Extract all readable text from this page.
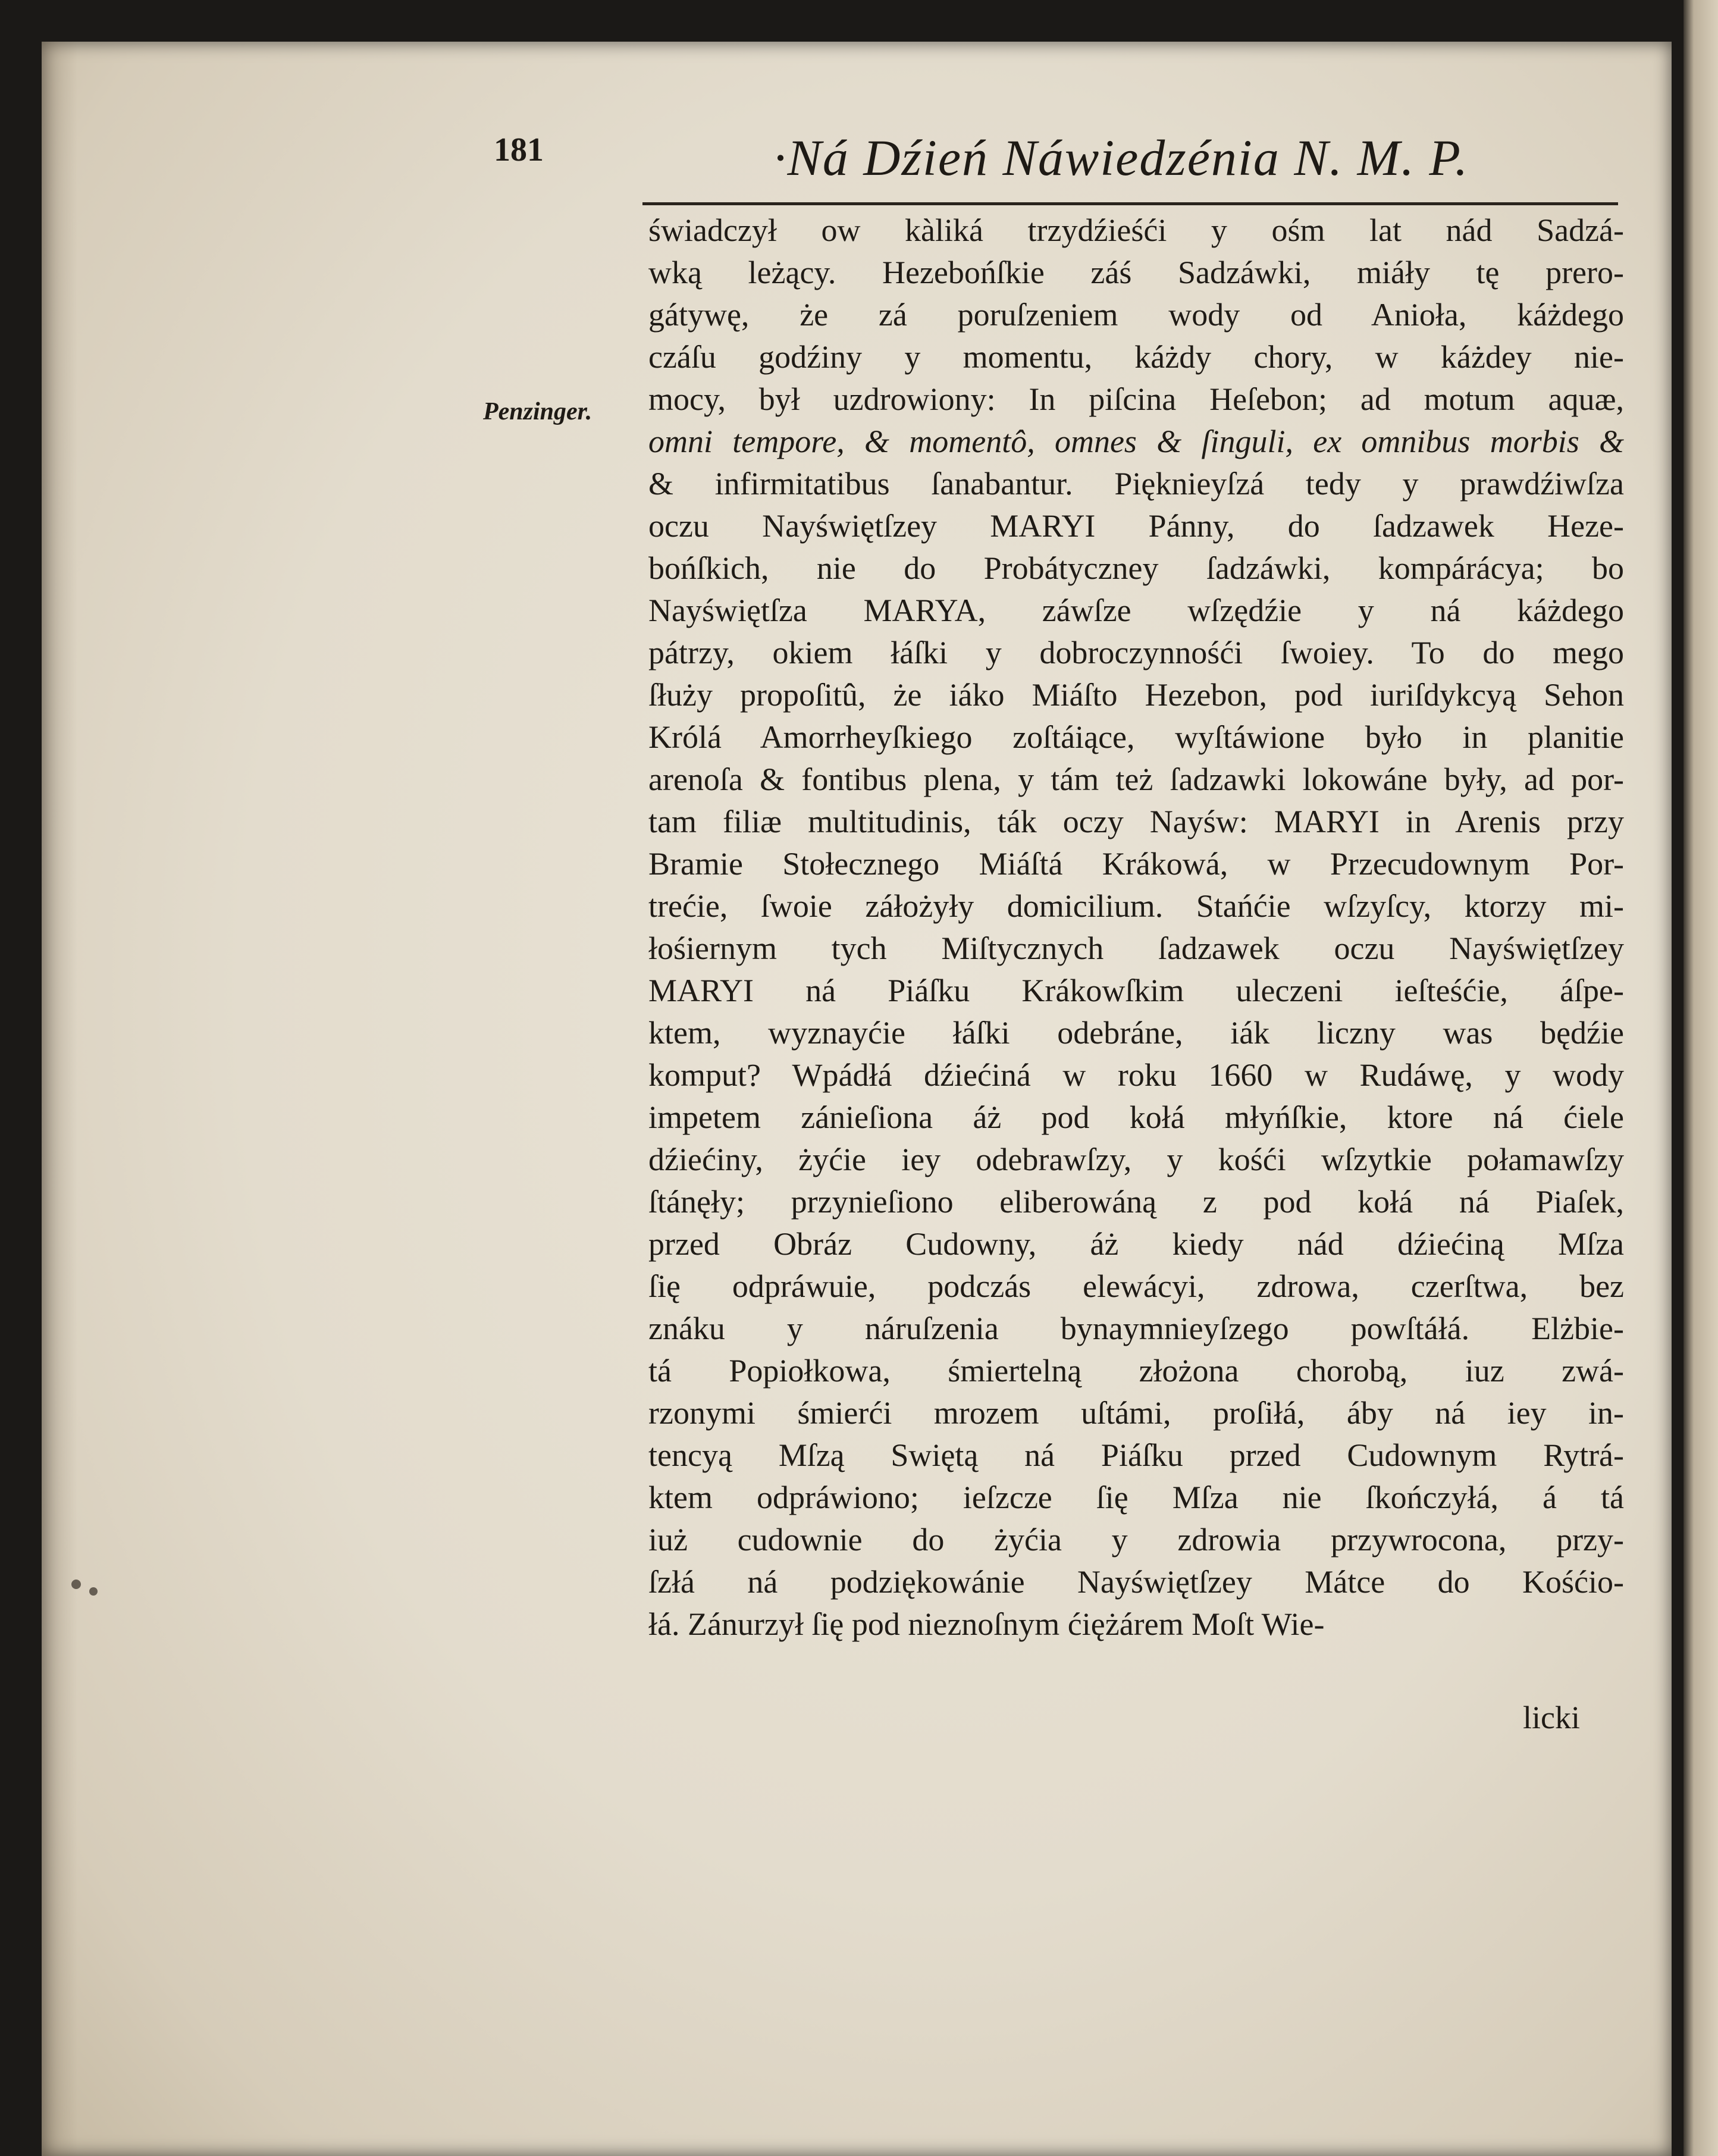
181	·Ná Dźień Náwiedzénia N. M. P.
Penzinger.
świadczył ow kàliká trzydźieśći y ośm lat nád Sadzá-
wką leżący. Hezebońſkie záś Sadzáwki, miáły tę prero-
gátywę, że zá poruſzeniem wody od Anioła, káżdego
czáſu godźiny y momentu, káżdy chory, w káżdey nie-
mocy, był uzdrowiony: In piſcina Heſebon; ad motum aquæ,
omni tempore, & momentô, omnes & ſinguli, ex omnibus morbis &
& infirmitatibus ſanabantur. Pięknieyſzá tedy y prawdźiwſza
oczu Nayświętſzey MARYI Pánny, do ſadzawek Heze-
bońſkich, nie do Probátyczney ſadzáwki, kompárácya; bo
Nayświętſza MARYA, záwſze wſzędźie y ná káżdego
pátrzy, okiem łáſki y dobroczynnośći ſwoiey. To do mego
ſłuży propoſitû, że iáko Miáſto Hezebon, pod iuriſdykcyą Sehon
Królá Amorrheyſkiego zoſtáiące, wyſtáwione było in planitie
arenoſa & fontibus plena, y tám też ſadzawki lokowáne były, ad por-
tam filiæ multitudinis, ták oczy Nayśw: MARYI in Arenis przy
Bramie Stołecznego Miáſtá Krákowá, w Przecudownym Por-
trećie, ſwoie záłożyły domicilium. Stańćie wſzyſcy, ktorzy mi-
łośiernym tych Miſtycznych ſadzawek oczu Nayświętſzey
MARYI ná Piáſku Krákowſkim uleczeni ieſteśćie, áſpe-
ktem, wyznayćie łáſki odebráne, iák liczny was będźie
komput? Wpádłá dźiećiná w roku 1660 w Rudáwę, y wody
impetem zánieſiona áż pod kołá młyńſkie, ktore ná ćiele
dźiećiny, żyćie iey odebrawſzy, y kośći wſzytkie połamawſzy
ſtánęły; przynieſiono eliberowáną z pod kołá ná Piaſek,
przed Obráz Cudowny, áż kiedy nád dźiećiną Mſza
ſię odpráwuie, podczás elewácyi, zdrowa, czerſtwa, bez
znáku y náruſzenia bynaymnieyſzego powſtáłá. Elżbie-
tá Popiołkowa, śmiertelną złożona chorobą, iuz zwá-
rzonymi śmierći mrozem uſtámi, proſiłá, áby ná iey in-
tencyą Mſzą Swiętą ná Piáſku przed Cudownym Rytrá-
ktem odpráwiono; ieſzcze ſię Mſza nie ſkończyłá, á tá
iuż cudownie do żyćia y zdrowia przywrocona, przy-
ſzłá ná podziękowánie Nayświętſzey Mátce do Kośćio-
łá. Zánurzył ſię pod nieznoſnym ćiężárem Moſt Wie-
licki
